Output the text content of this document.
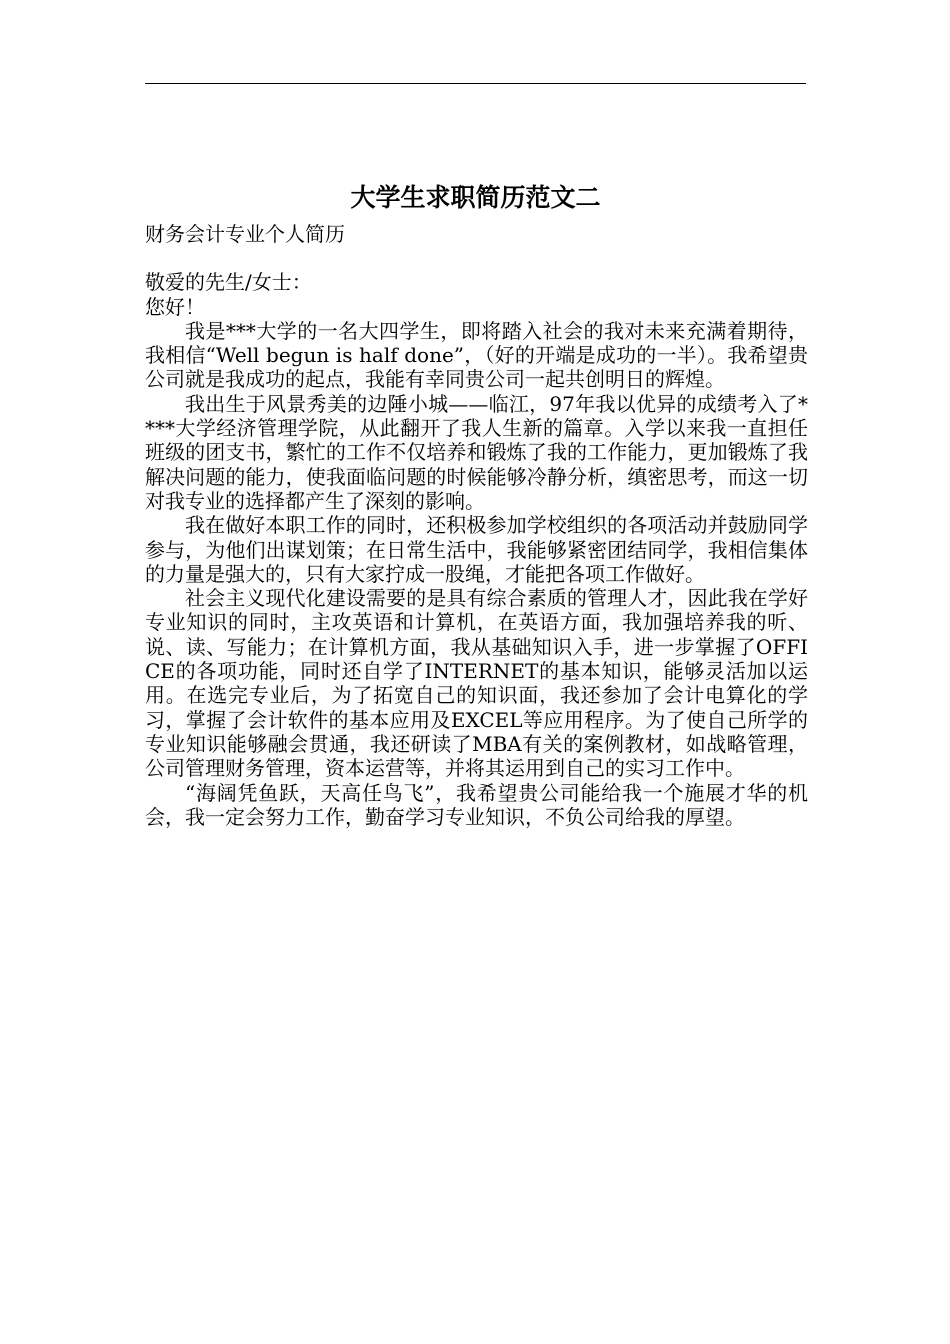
大学生求职简历范文二

财务会计专业个人简历

敬爱的先生/女士：

您好！

我是***大学的一名大四学生，即将踏入社会的我对未来充满着期待，我相信“Well begun is half done”，（好的开端是成功的一半）。我希望贵公司就是我成功的起点，我能有幸同贵公司一起共创明日的辉煌。

我出生于风景秀美的边陲小城——临江，97年我以优异的成绩考入了****大学经济管理学院，从此翻开了我人生新的篇章。入学以来我一直担任班级的团支书，繁忙的工作不仅培养和锻炼了我的工作能力，更加锻炼了我解决问题的能力，使我面临问题的时候能够冷静分析，缜密思考，而这一切对我专业的选择都产生了深刻的影响。

我在做好本职工作的同时，还积极参加学校组织的各项活动并鼓励同学参与，为他们出谋划策；在日常生活中，我能够紧密团结同学，我相信集体的力量是强大的，只有大家拧成一股绳，才能把各项工作做好。

社会主义现代化建设需要的是具有综合素质的管理人才，因此我在学好专业知识的同时，主攻英语和计算机，在英语方面，我加强培养我的听、说、读、写能力；在计算机方面，我从基础知识入手，进一步掌握了OFFICE的各项功能，同时还自学了INTERNET的基本知识，能够灵活加以运用。在选完专业后，为了拓宽自己的知识面，我还参加了会计电算化的学习，掌握了会计软件的基本应用及EXCEL等应用程序。为了使自己所学的专业知识能够融会贯通，我还研读了MBA有关的案例教材，如战略管理，公司管理财务管理，资本运营等，并将其运用到自己的实习工作中。

“海阔凭鱼跃，天高任鸟飞”，我希望贵公司能给我一个施展才华的机会，我一定会努力工作，勤奋学习专业知识，不负公司给我的厚望。
